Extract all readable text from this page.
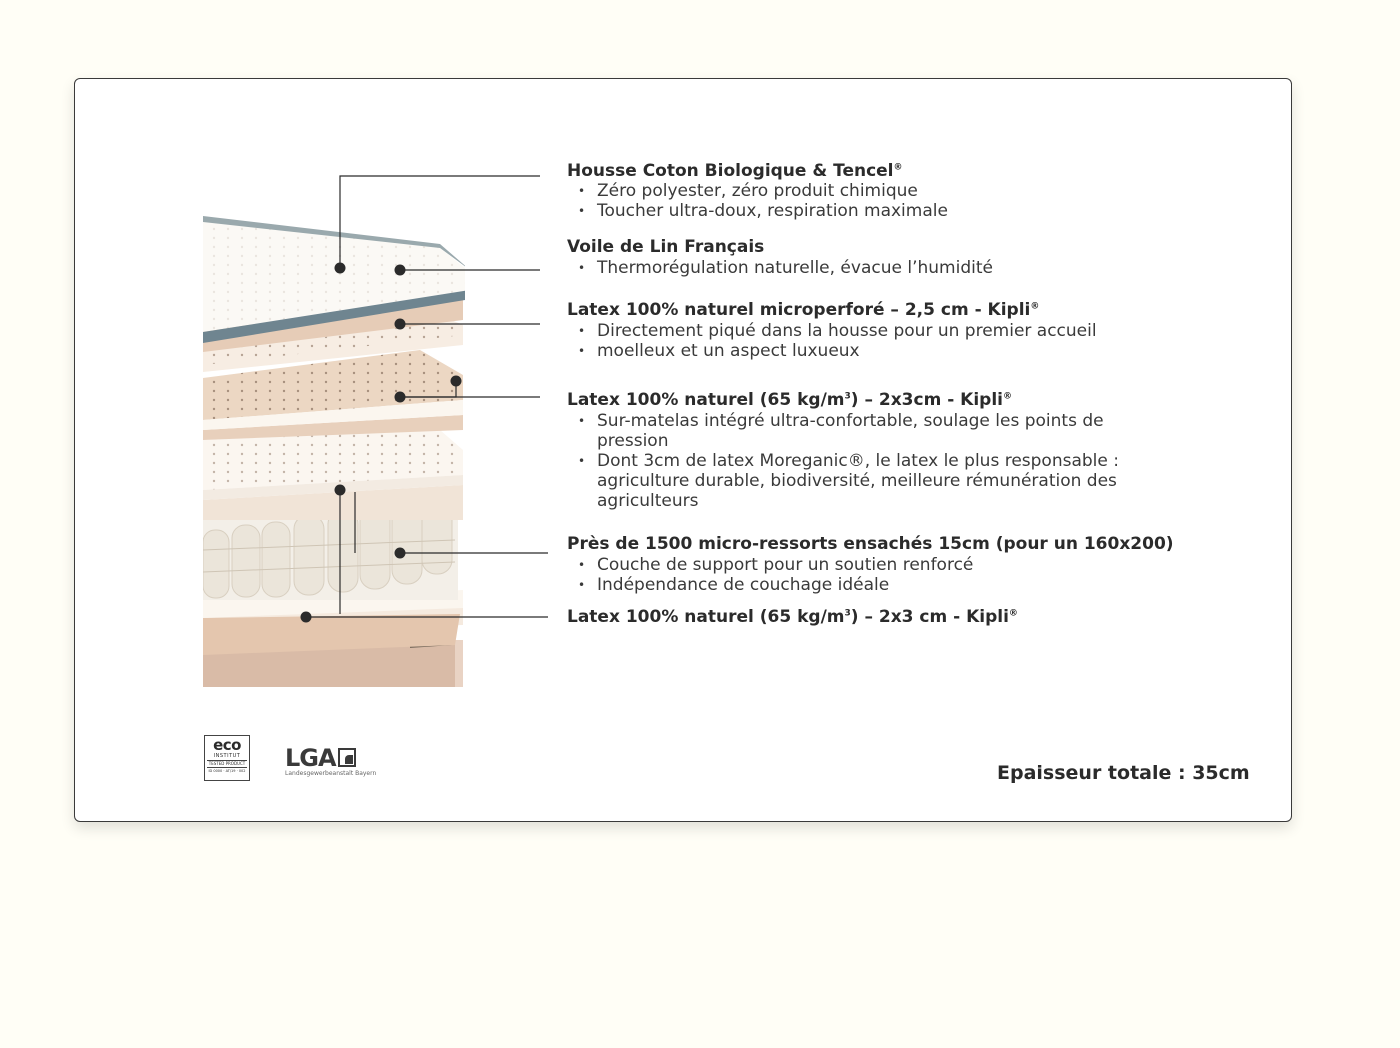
Housse Coton Biologique & Tencel®
• Zéro polyester, zéro produit chimique
• Toucher ultra-doux, respiration maximale
Voile de Lin Français
• Thermorégulation naturelle, évacue l’humidité
Latex 100% naturel microperforé – 2,5 cm - Kipli®
• Directement piqué dans la housse pour un premier accueil
• moelleux et un aspect luxueux
Latex 100% naturel (65 $kg/m^3) - 2x3cm$ - Kipli®
• Sur-matelas intégré ultra-confortable, soulage les points de
pression
• Dont 3cm de latex Moreganic®, le latex le plus responsable :
agriculture durable, biodiversité, meilleure rémunération des
agriculteurs
Près de 1500 micro-ressorts ensachés 15cm (pour un 160x200)
• Couche de support pour un soutien renforcé
• Indépendance de couchage idéale
Latex 100% naturel (65 $kg/m^3) - 2x3$ cm - Kipli®
eco
INSTITUT
TESTED PRODUCT
ID 0000 · AT/19 · 002 LGA
Landesgewerbeanstalt Bayern	Epaisseur totale : 35cm
